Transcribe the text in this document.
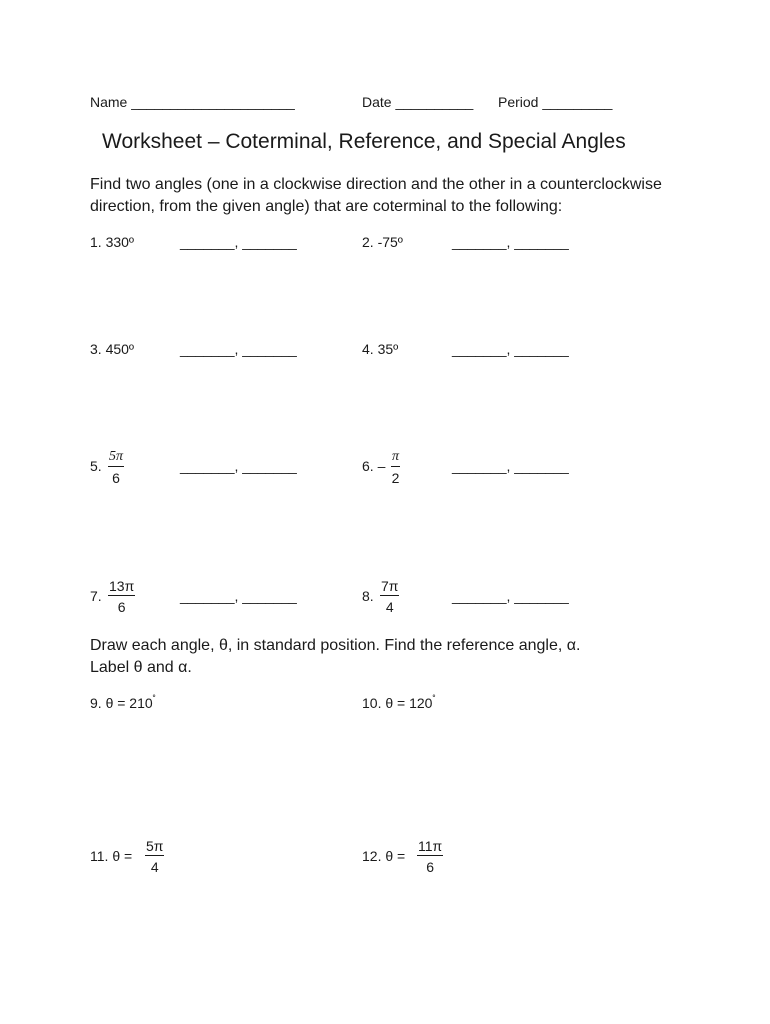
Name _____________________	Date __________ Period _________
Worksheet – Coterminal, Reference, and Special Angles
Find two angles (one in a clockwise direction and the other in a counterclockwise
direction, from the given angle) that are coterminal to the following:
1. 330º	_______, _______	2. -75º	_______, _______
3. 450º	_______, _______	4. 35º	_______, _______
5. $\frac{5\pi}{6}$	_______, _______	6. – $\frac{\pi}{2}$	_______, _______
7. $\frac{13\pi}{6}$	_______, _______	8. $\frac{7\pi}{4}$	_______, _______
Draw each angle, θ, in standard position. Find the reference angle, α.
Label θ and α.
9. θ = 210˚	10. θ = 120˚
11. $\theta = \frac{5\pi}{4}$	12. $\theta = \frac{11\pi}{6}$
